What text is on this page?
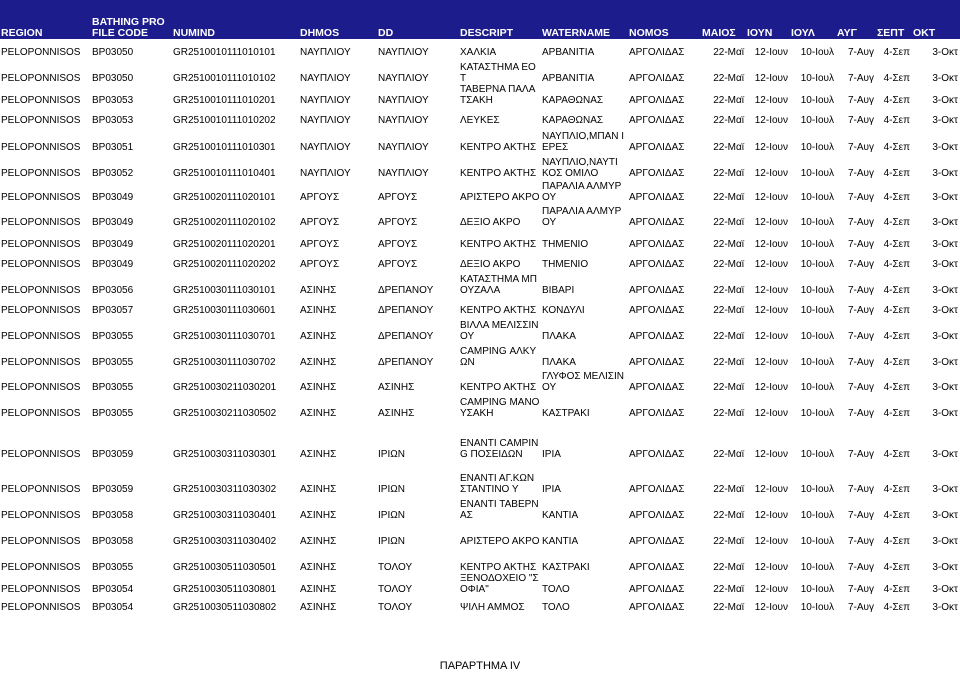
REGION	BATHING PROFILE CODE	NUMIND	DHMOS	DD	DESCRIPT	WATERNAME	NOMOS	ΜΑΙΟΣ	ΙΟΥΝ	ΙΟΥΛ	ΑΥΓ	ΣΕΠΤ	ΟΚΤ
PELOPONNISOS	BP03050	GR2510010111010101	ΝΑΥΠΛΙΟΥ	ΝΑΥΠΛΙΟΥ	ΧΑΛΚΙΑ	ΑΡΒΑΝΙΤΙΑ	ΑΡΓΟΛΙΔΑΣ	22-Μαϊ	12-Ιουν	10-Ιουλ	7-Αυγ	4-Σεπ	3-Οκτ
PELOPONNISOS	BP03050	GR2510010111010102	ΝΑΥΠΛΙΟΥ	ΝΑΥΠΛΙΟΥ	ΚΑΤΑΣΤΗΜΑ ΕΟΤ	ΑΡΒΑΝΙΤΙΑ	ΑΡΓΟΛΙΔΑΣ	22-Μαϊ	12-Ιουν	10-Ιουλ	7-Αυγ	4-Σεπ	3-Οκτ
PELOPONNISOS	BP03053	GR2510010111010201	ΝΑΥΠΛΙΟΥ	ΝΑΥΠΛΙΟΥ	ΤΑΒΕΡΝΑ ΠΑΛΑΤΣΑΚΗ	ΚΑΡΑΘΩΝΑΣ	ΑΡΓΟΛΙΔΑΣ	22-Μαϊ	12-Ιουν	10-Ιουλ	7-Αυγ	4-Σεπ	3-Οκτ
PELOPONNISOS	BP03053	GR2510010111010202	ΝΑΥΠΛΙΟΥ	ΝΑΥΠΛΙΟΥ	ΛΕΥΚΕΣ	ΚΑΡΑΘΩΝΑΣ	ΑΡΓΟΛΙΔΑΣ	22-Μαϊ	12-Ιουν	10-Ιουλ	7-Αυγ	4-Σεπ	3-Οκτ
PELOPONNISOS	BP03051	GR2510010111010301	ΝΑΥΠΛΙΟΥ	ΝΑΥΠΛΙΟΥ	ΚΕΝΤΡΟ ΑΚΤΗΣ	ΝΑΥΠΛΙΟ,ΜΠΑΝ ΙΕΡΕΣ	ΑΡΓΟΛΙΔΑΣ	22-Μαϊ	12-Ιουν	10-Ιουλ	7-Αυγ	4-Σεπ	3-Οκτ
PELOPONNISOS	BP03052	GR2510010111010401	ΝΑΥΠΛΙΟΥ	ΝΑΥΠΛΙΟΥ	ΚΕΝΤΡΟ ΑΚΤΗΣ	ΝΑΥΠΛΙΟ,ΝΑΥΤΙ ΚΟΣ ΟΜΙΛΟ	ΑΡΓΟΛΙΔΑΣ	22-Μαϊ	12-Ιουν	10-Ιουλ	7-Αυγ	4-Σεπ	3-Οκτ
PELOPONNISOS	BP03049	GR2510020111020101	ΑΡΓΟΥΣ	ΑΡΓΟΥΣ	ΑΡΙΣΤΕΡΟ ΑΚΡΟ	ΠΑΡΑΛΙΑ ΑΛΜΥΡΟΥ	ΑΡΓΟΛΙΔΑΣ	22-Μαϊ	12-Ιουν	10-Ιουλ	7-Αυγ	4-Σεπ	3-Οκτ
PELOPONNISOS	BP03049	GR2510020111020102	ΑΡΓΟΥΣ	ΑΡΓΟΥΣ	ΔΕΞΙΟ ΑΚΡΟ	ΠΑΡΑΛΙΑ ΑΛΜΥΡΟΥ	ΑΡΓΟΛΙΔΑΣ	22-Μαϊ	12-Ιουν	10-Ιουλ	7-Αυγ	4-Σεπ	3-Οκτ
PELOPONNISOS	BP03049	GR2510020111020201	ΑΡΓΟΥΣ	ΑΡΓΟΥΣ	ΚΕΝΤΡΟ ΑΚΤΗΣ	ΤΗΜΕΝΙΟ	ΑΡΓΟΛΙΔΑΣ	22-Μαϊ	12-Ιουν	10-Ιουλ	7-Αυγ	4-Σεπ	3-Οκτ
PELOPONNISOS	BP03049	GR2510020111020202	ΑΡΓΟΥΣ	ΑΡΓΟΥΣ	ΔΕΞΙΟ ΑΚΡΟ	ΤΗΜΕΝΙΟ	ΑΡΓΟΛΙΔΑΣ	22-Μαϊ	12-Ιουν	10-Ιουλ	7-Αυγ	4-Σεπ	3-Οκτ
PELOPONNISOS	BP03056	GR2510030111030101	ΑΣΙΝΗΣ	ΔΡΕΠΑΝΟΥ	ΚΑΤΑΣΤΗΜΑ ΜΠΟΥΖΑΛΑ	ΒΙΒΑΡΙ	ΑΡΓΟΛΙΔΑΣ	22-Μαϊ	12-Ιουν	10-Ιουλ	7-Αυγ	4-Σεπ	3-Οκτ
PELOPONNISOS	BP03057	GR2510030111030601	ΑΣΙΝΗΣ	ΔΡΕΠΑΝΟΥ	ΚΕΝΤΡΟ ΑΚΤΗΣ	ΚΟΝΔΥΛΙ	ΑΡΓΟΛΙΔΑΣ	22-Μαϊ	12-Ιουν	10-Ιουλ	7-Αυγ	4-Σεπ	3-Οκτ
PELOPONNISOS	BP03055	GR2510030111030701	ΑΣΙΝΗΣ	ΔΡΕΠΑΝΟΥ	ΒΙΛΛΑ ΜΕΛΙΣΣΙΝΟΥ	ΠΛΑΚΑ	ΑΡΓΟΛΙΔΑΣ	22-Μαϊ	12-Ιουν	10-Ιουλ	7-Αυγ	4-Σεπ	3-Οκτ
PELOPONNISOS	BP03055	GR2510030111030702	ΑΣΙΝΗΣ	ΔΡΕΠΑΝΟΥ	CAMPING ΑΛΚΥΩΝ	ΠΛΑΚΑ	ΑΡΓΟΛΙΔΑΣ	22-Μαϊ	12-Ιουν	10-Ιουλ	7-Αυγ	4-Σεπ	3-Οκτ
PELOPONNISOS	BP03055	GR2510030211030201	ΑΣΙΝΗΣ	ΑΣΙΝΗΣ	ΚΕΝΤΡΟ ΑΚΤΗΣ	ΓΛΥΦΟΣ ΜΕΛΙΣΙΝΟΥ	ΑΡΓΟΛΙΔΑΣ	22-Μαϊ	12-Ιουν	10-Ιουλ	7-Αυγ	4-Σεπ	3-Οκτ
PELOPONNISOS	BP03055	GR2510030211030502	ΑΣΙΝΗΣ	ΑΣΙΝΗΣ	CAMPING ΜΑΝΟΥΣΑΚΗ	ΚΑΣΤΡΑΚΙ	ΑΡΓΟΛΙΔΑΣ	22-Μαϊ	12-Ιουν	10-Ιουλ	7-Αυγ	4-Σεπ	3-Οκτ
PELOPONNISOS	BP03059	GR2510030311030301	ΑΣΙΝΗΣ	ΙΡΙΩΝ	ΕΝΑΝΤΙ CAMPING ΠΟΣΕΙΔΩΝ	ΙΡΙΑ	ΑΡΓΟΛΙΔΑΣ	22-Μαϊ	12-Ιουν	10-Ιουλ	7-Αυγ	4-Σεπ	3-Οκτ
PELOPONNISOS	BP03059	GR2510030311030302	ΑΣΙΝΗΣ	ΙΡΙΩΝ	ΕΝΑΝΤΙ ΑΓ.ΚΩΝΣΤΑΝΤΙΝΟ Υ	ΙΡΙΑ	ΑΡΓΟΛΙΔΑΣ	22-Μαϊ	12-Ιουν	10-Ιουλ	7-Αυγ	4-Σεπ	3-Οκτ
PELOPONNISOS	BP03058	GR2510030311030401	ΑΣΙΝΗΣ	ΙΡΙΩΝ	ΕΝΑΝΤΙ ΤΑΒΕΡΝΑΣ	ΚΑΝΤΙΑ	ΑΡΓΟΛΙΔΑΣ	22-Μαϊ	12-Ιουν	10-Ιουλ	7-Αυγ	4-Σεπ	3-Οκτ
PELOPONNISOS	BP03058	GR2510030311030402	ΑΣΙΝΗΣ	ΙΡΙΩΝ	ΑΡΙΣΤΕΡΟ ΑΚΡΟ	ΚΑΝΤΙΑ	ΑΡΓΟΛΙΔΑΣ	22-Μαϊ	12-Ιουν	10-Ιουλ	7-Αυγ	4-Σεπ	3-Οκτ
PELOPONNISOS	BP03055	GR2510030511030501	ΑΣΙΝΗΣ	ΤΟΛΟΥ	ΚΕΝΤΡΟ ΑΚΤΗΣ	ΚΑΣΤΡΑΚΙ	ΑΡΓΟΛΙΔΑΣ	22-Μαϊ	12-Ιουν	10-Ιουλ	7-Αυγ	4-Σεπ	3-Οκτ
PELOPONNISOS	BP03054	GR2510030511030801	ΑΣΙΝΗΣ	ΤΟΛΟΥ	ΞΕΝΟΔΟΧΕΙΟ "ΣΟΦΙΑ"	ΤΟΛΟ	ΑΡΓΟΛΙΔΑΣ	22-Μαϊ	12-Ιουν	10-Ιουλ	7-Αυγ	4-Σεπ	3-Οκτ
PELOPONNISOS	BP03054	GR2510030511030802	ΑΣΙΝΗΣ	ΤΟΛΟΥ	ΨΙΛΗ ΑΜΜΟΣ	ΤΟΛΟ	ΑΡΓΟΛΙΔΑΣ	22-Μαϊ	12-Ιουν	10-Ιουλ	7-Αυγ	4-Σεπ	3-Οκτ
ΠΑΡΑΡΤΗΜΑ IV
